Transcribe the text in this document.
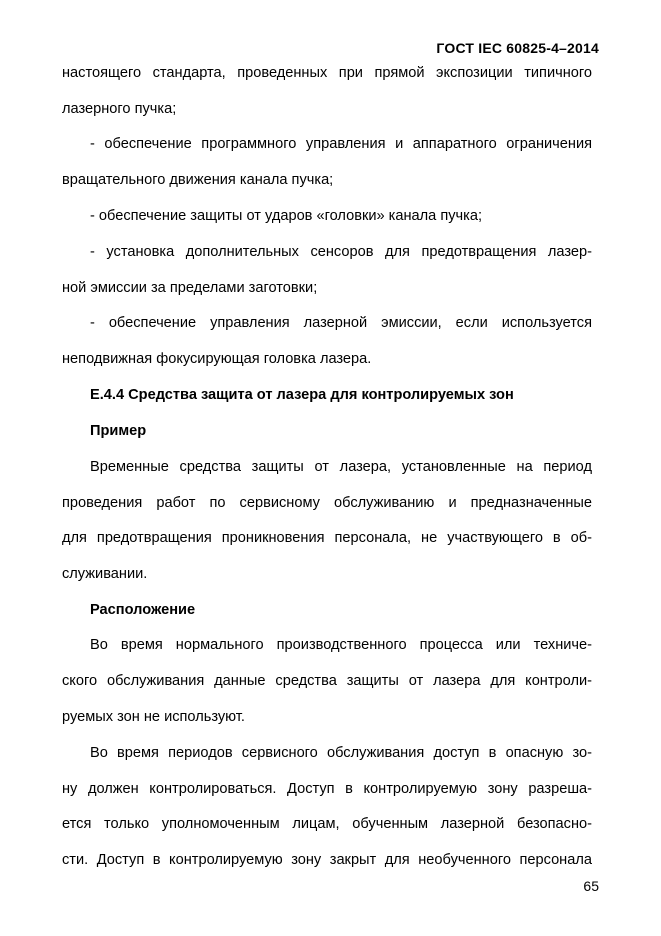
ГОСТ IEC 60825-4–2014
настоящего стандарта, проведенных при прямой экспозиции типичного
лазерного пучка;
- обеспечение программного управления и аппаратного ограничения
вращательного движения канала пучка;
- обеспечение защиты от ударов «головки» канала пучка;
- установка дополнительных сенсоров для предотвращения лазер-
ной эмиссии за пределами заготовки;
- обеспечение управления лазерной эмиссии, если используется
неподвижная фокусирующая головка лазера.
Е.4.4 Средства защита от лазера для контролируемых зон
Пример
Временные средства защиты от лазера, установленные на период
проведения работ по сервисному обслуживанию и предназначенные
для предотвращения проникновения персонала, не участвующего в об-
служивании.
Расположение
Во время нормального производственного процесса или техниче-
ского обслуживания данные средства защиты от лазера для контроли-
руемых зон не используют.
Во время периодов сервисного обслуживания доступ в опасную зо-
ну должен контролироваться. Доступ в контролируемую зону разреша-
ется только уполномоченным лицам, обученным лазерной безопасно-
сти. Доступ в контролируемую зону закрыт для необученного персонала
65
